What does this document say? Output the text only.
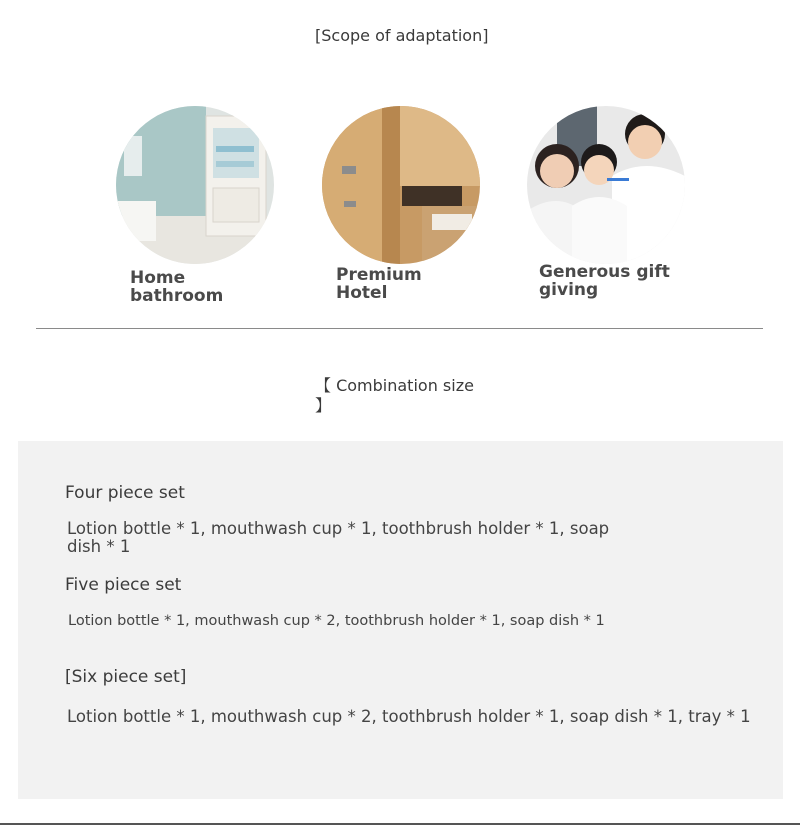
[Scope of adaptation]
Home
bathroom
Premium
Hotel
Generous gift
giving
【 Combination size
】
Four piece set
Lotion bottle * 1, mouthwash cup * 1, toothbrush holder * 1, soap
dish * 1
Five piece set
Lotion bottle * 1, mouthwash cup * 2, toothbrush holder * 1, soap dish * 1
[Six piece set]
Lotion bottle * 1, mouthwash cup * 2, toothbrush holder * 1, soap dish * 1, tray * 1
